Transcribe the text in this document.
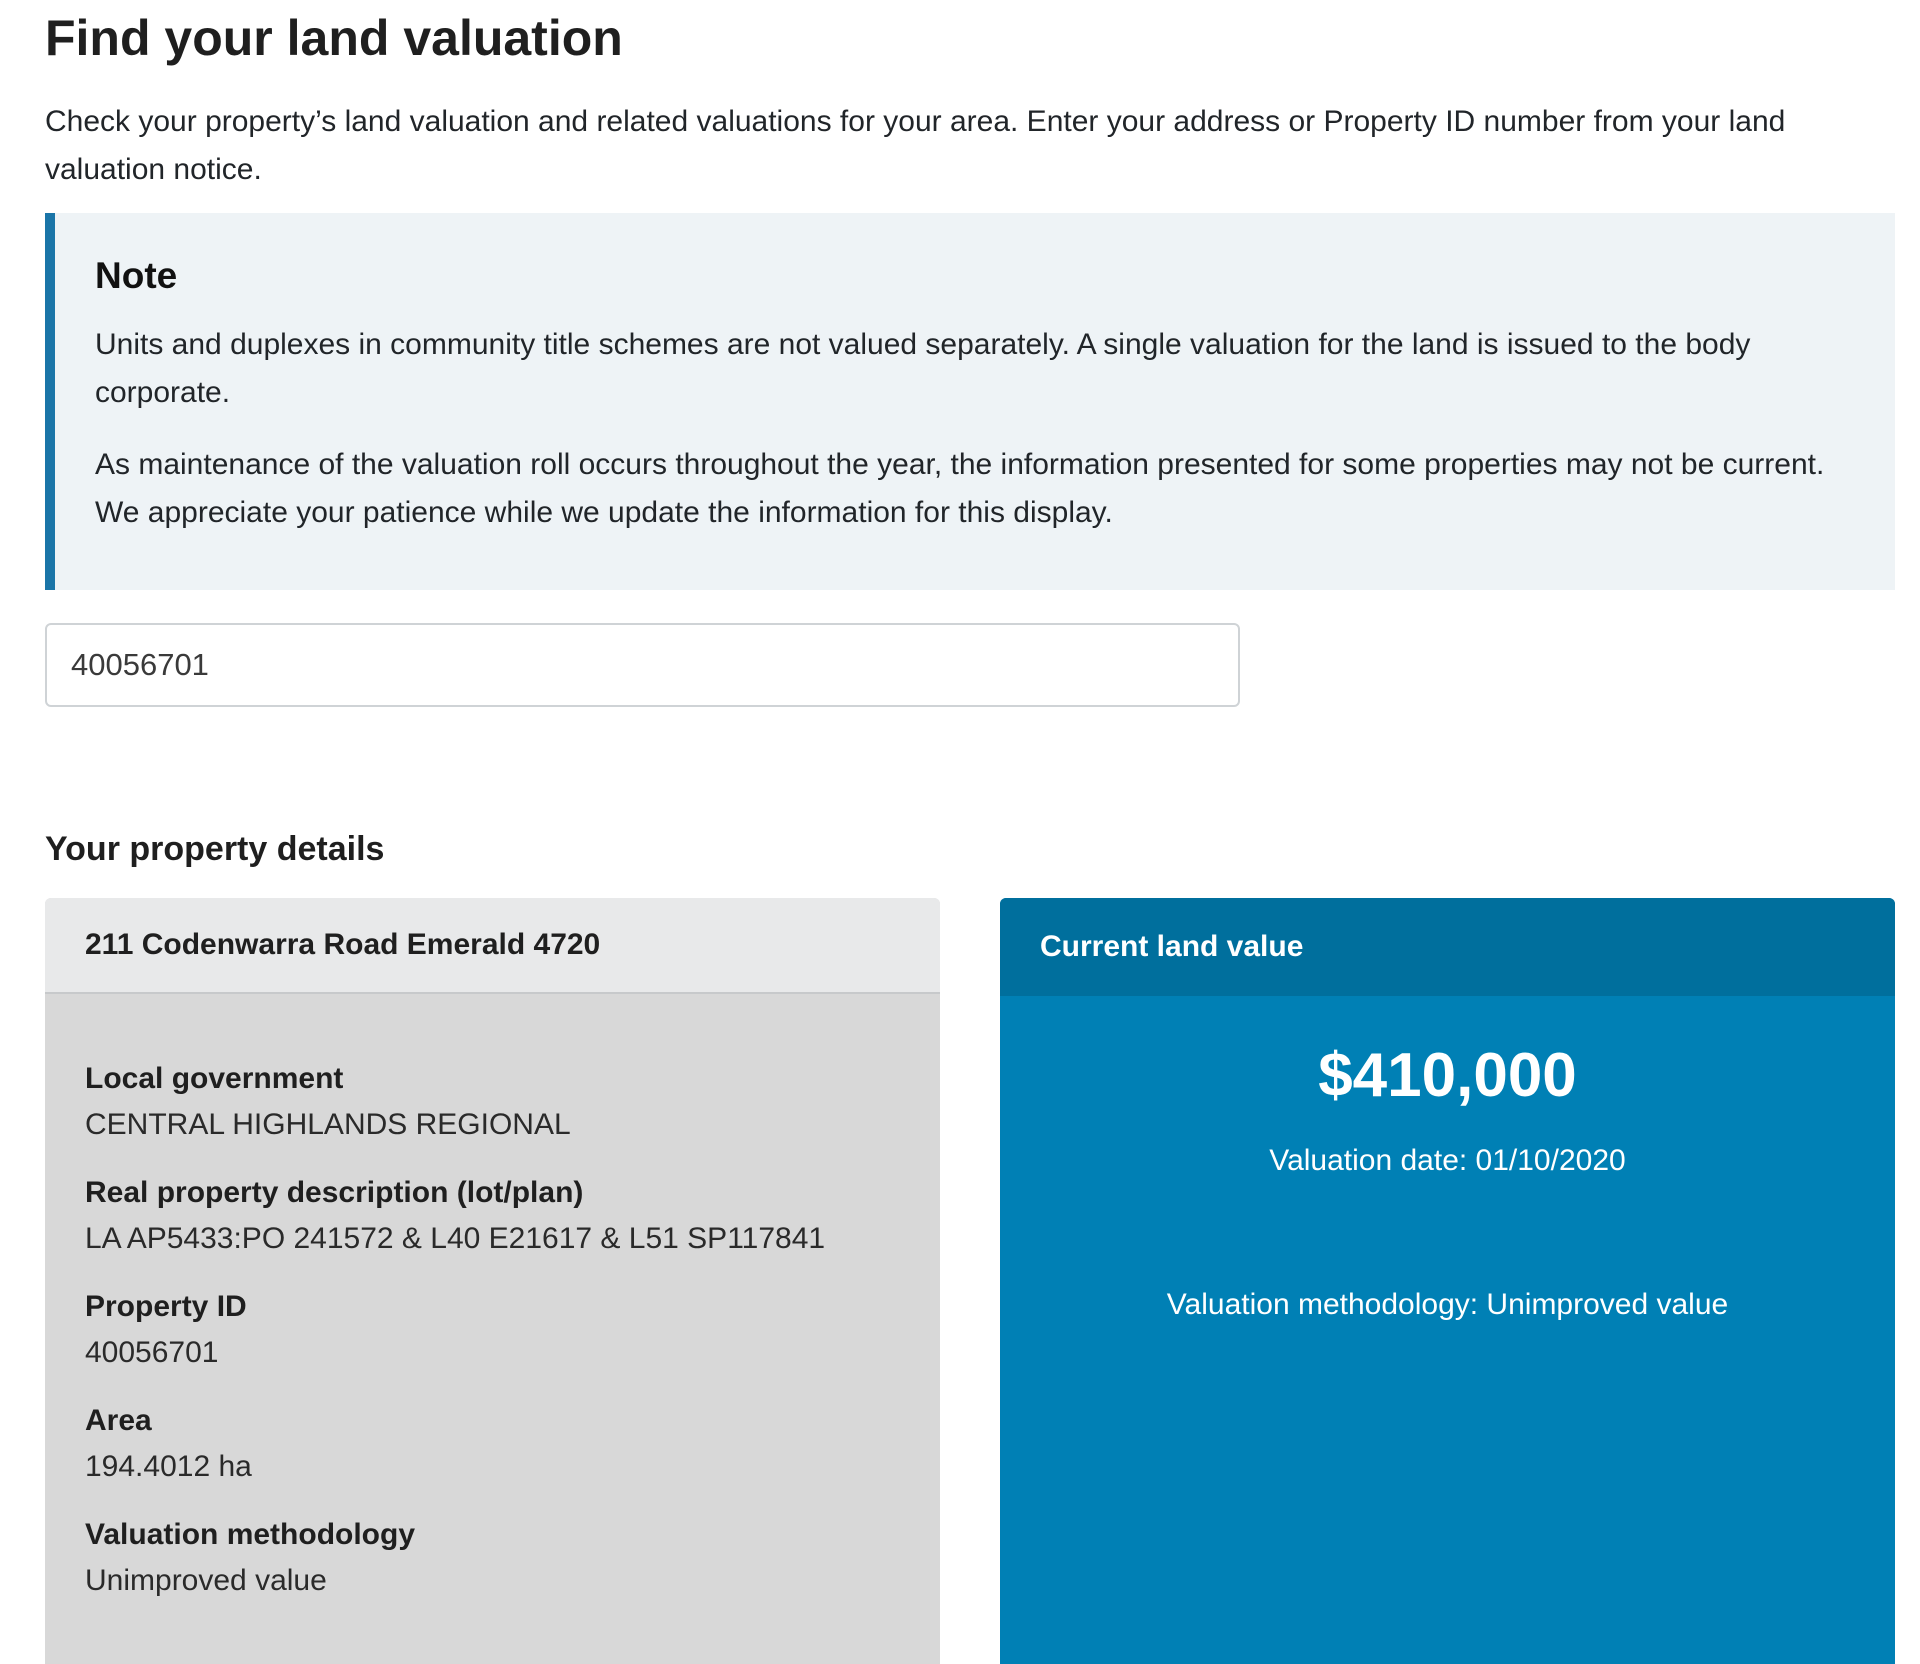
Find your land valuation

Check your property’s land valuation and related valuations for your area. Enter your address or Property ID number from your land valuation notice.

Note

Units and duplexes in community title schemes are not valued separately. A single valuation for the land is issued to the body corporate.

As maintenance of the valuation roll occurs throughout the year, the information presented for some properties may not be current. We appreciate your patience while we update the information for this display.

40056701
Your property details
211 Codenwarra Road Emerald 4720
Local government
CENTRAL HIGHLANDS REGIONAL
Real property description (lot/plan)
LA AP5433:PO 241572 & L40 E21617 & L51 SP117841
Property ID
40056701
Area
194.4012 ha
Valuation methodology
Unimproved value
Current land value
$410,000
Valuation date: 01/10/2020
Valuation methodology: Unimproved value
